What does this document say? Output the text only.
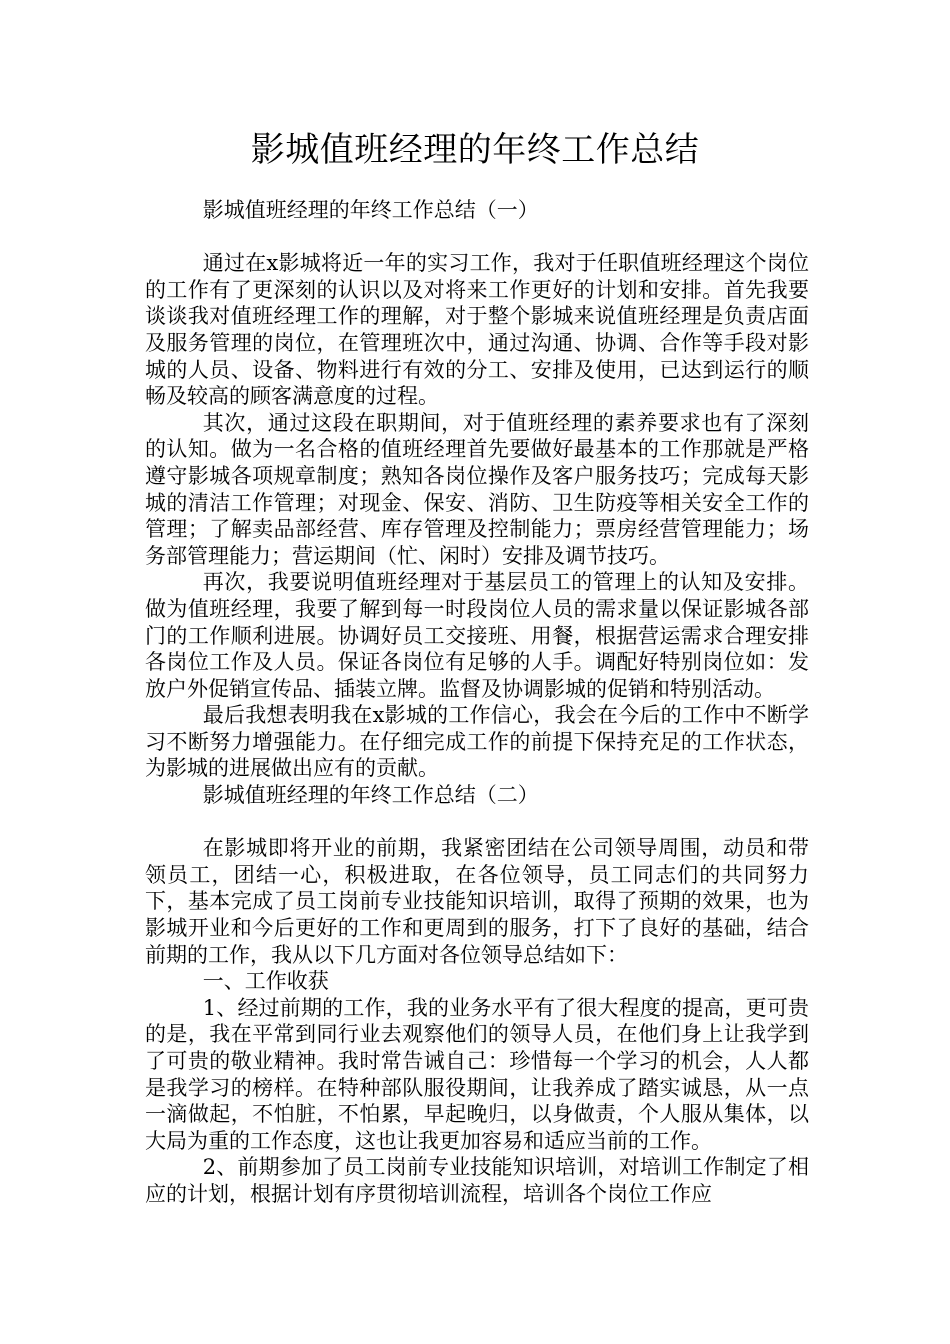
影城值班经理的年终工作总结

影城值班经理的年终工作总结（一）

通过在x影城将近一年的实习工作，我对于任职值班经理这个岗位的工作有了更深刻的认识以及对将来工作更好的计划和安排。首先我要谈谈我对值班经理工作的理解，对于整个影城来说值班经理是负责店面及服务管理的岗位，在管理班次中，通过沟通、协调、合作等手段对影城的人员、设备、物料进行有效的分工、安排及使用，已达到运行的顺畅及较高的顾客满意度的过程。

其次，通过这段在职期间，对于值班经理的素养要求也有了深刻的认知。做为一名合格的值班经理首先要做好最基本的工作那就是严格遵守影城各项规章制度；熟知各岗位操作及客户服务技巧；完成每天影城的清洁工作管理；对现金、保安、消防、卫生防疫等相关安全工作的管理；了解卖品部经营、库存管理及控制能力；票房经营管理能力；场务部管理能力；营运期间（忙、闲时）安排及调节技巧。

再次，我要说明值班经理对于基层员工的管理上的认知及安排。做为值班经理，我要了解到每一时段岗位人员的需求量以保证影城各部门的工作顺利进展。协调好员工交接班、用餐，根据营运需求合理安排各岗位工作及人员。保证各岗位有足够的人手。调配好特别岗位如：发放户外促销宣传品、插装立牌。监督及协调影城的促销和特别活动。

最后我想表明我在x影城的工作信心，我会在今后的工作中不断学习不断努力增强能力。在仔细完成工作的前提下保持充足的工作状态，为影城的进展做出应有的贡献。

影城值班经理的年终工作总结（二）

在影城即将开业的前期，我紧密团结在公司领导周围，动员和带领员工，团结一心，积极进取，在各位领导，员工同志们的共同努力下，基本完成了员工岗前专业技能知识培训，取得了预期的效果，也为影城开业和今后更好的工作和更周到的服务，打下了良好的基础，结合前期的工作，我从以下几方面对各位领导总结如下：

一、工作收获

1、经过前期的工作，我的业务水平有了很大程度的提高，更可贵的是，我在平常到同行业去观察他们的领导人员，在他们身上让我学到了可贵的敬业精神。我时常告诫自己：珍惜每一个学习的机会，人人都是我学习的榜样。在特种部队服役期间，让我养成了踏实诚恳，从一点一滴做起，不怕脏，不怕累，早起晚归，以身做责，个人服从集体，以大局为重的工作态度，这也让我更加容易和适应当前的工作。

2、前期参加了员工岗前专业技能知识培训，对培训工作制定了相应的计划，根据计划有序贯彻培训流程，培训各个岗位工作应
